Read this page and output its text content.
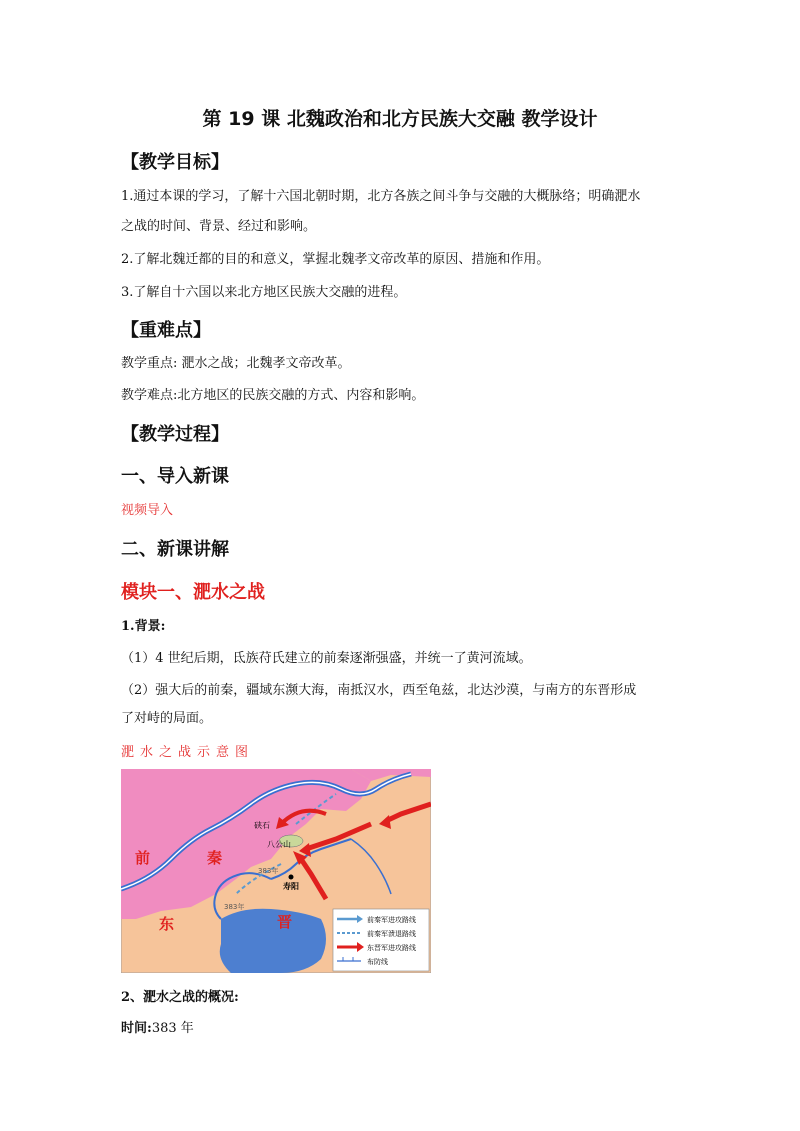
第 19 课 北魏政治和北方民族大交融 教学设计
【教学目标】
1.通过本课的学习，了解十六国北朝时期，北方各族之间斗争与交融的大概脉络；明确淝水
之战的时间、背景、经过和影响。
2.了解北魏迁都的目的和意义，掌握北魏孝文帝改革的原因、措施和作用。
3.了解自十六国以来北方地区民族大交融的进程。
【重难点】
教学重点: 淝水之战；北魏孝文帝改革。
教学难点:北方地区的民族交融的方式、内容和影响。
【教学过程】
一、导入新课
视频导入
二、新课讲解
模块一、淝水之战
1.背景:
（1）4 世纪后期，氐族苻氏建立的前秦逐渐强盛，并统一了黄河流域。
（2）强大后的前秦，疆域东濒大海，南抵汉水，西至龟兹，北达沙漠，与南方的东晋形成
了对峙的局面。
淝水之战示意图
前	秦
东	晋
硖石
八公山
寿阳
383年
383年
前秦军进攻路线
前秦军溃退路线
东晋军进攻路线
布防线
2、淝水之战的概况:
时间:383 年
